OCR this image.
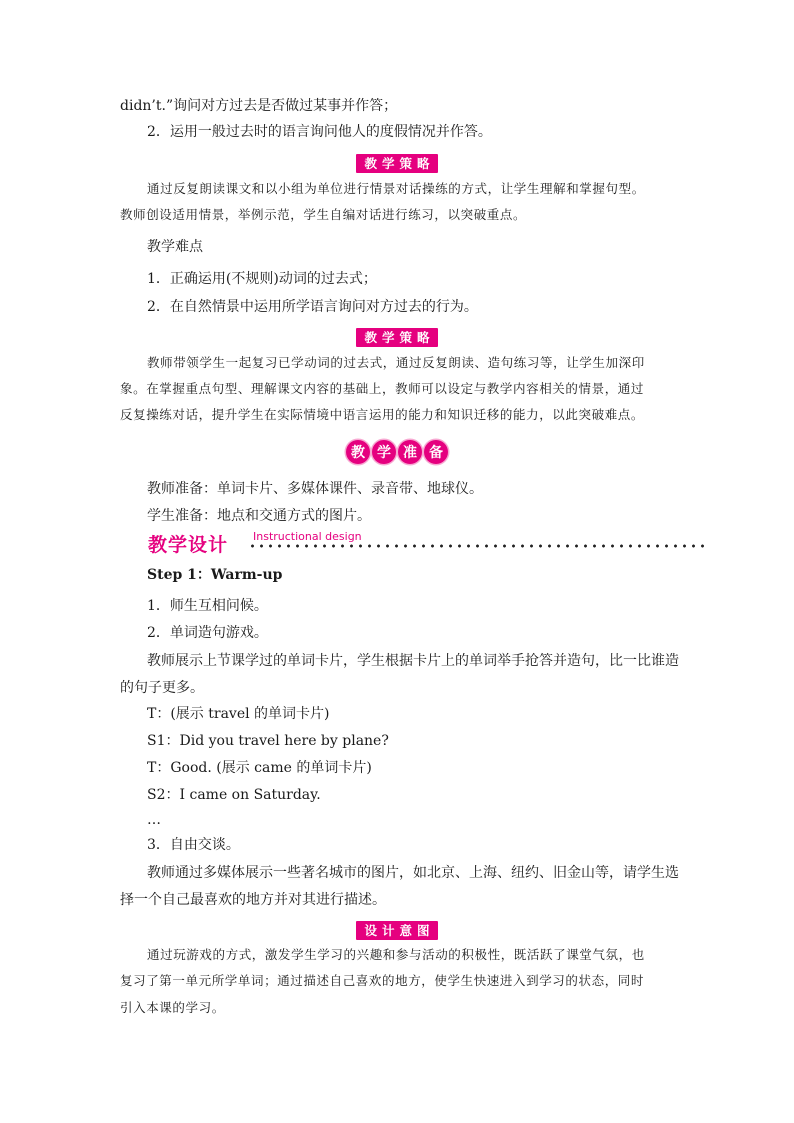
didn’t.”询问对方过去是否做过某事并作答；
2．运用一般过去时的语言询问他人的度假情况并作答。
教学策略
通过反复朗读课文和以小组为单位进行情景对话操练的方式，让学生理解和掌握句型。
教师创设适用情景，举例示范，学生自编对话进行练习，以突破重点。
教学难点
1．正确运用(不规则)动词的过去式；
2．在自然情景中运用所学语言询问对方过去的行为。
教学策略
教师带领学生一起复习已学动词的过去式，通过反复朗读、造句练习等，让学生加深印
象。在掌握重点句型、理解课文内容的基础上，教师可以设定与教学内容相关的情景，通过
反复操练对话，提升学生在实际情境中语言运用的能力和知识迁移的能力，以此突破难点。
教 学 准 备
教师准备：单词卡片、多媒体课件、录音带、地球仪。
学生准备：地点和交通方式的图片。
教学设计 Instructional design
Step 1：Warm-up
1．师生互相问候。
2．单词造句游戏。
教师展示上节课学过的单词卡片，学生根据卡片上的单词举手抢答并造句，比一比谁造
的句子更多。
T：(展示 travel 的单词卡片)
S1：Did you travel here by plane?
T：Good. (展示 came 的单词卡片)
S2：I came on Saturday.
…
3．自由交谈。
教师通过多媒体展示一些著名城市的图片，如北京、上海、纽约、旧金山等，请学生选
择一个自己最喜欢的地方并对其进行描述。
设计意图
通过玩游戏的方式，激发学生学习的兴趣和参与活动的积极性，既活跃了课堂气氛，也
复习了第一单元所学单词；通过描述自己喜欢的地方，使学生快速进入到学习的状态，同时
引入本课的学习。
